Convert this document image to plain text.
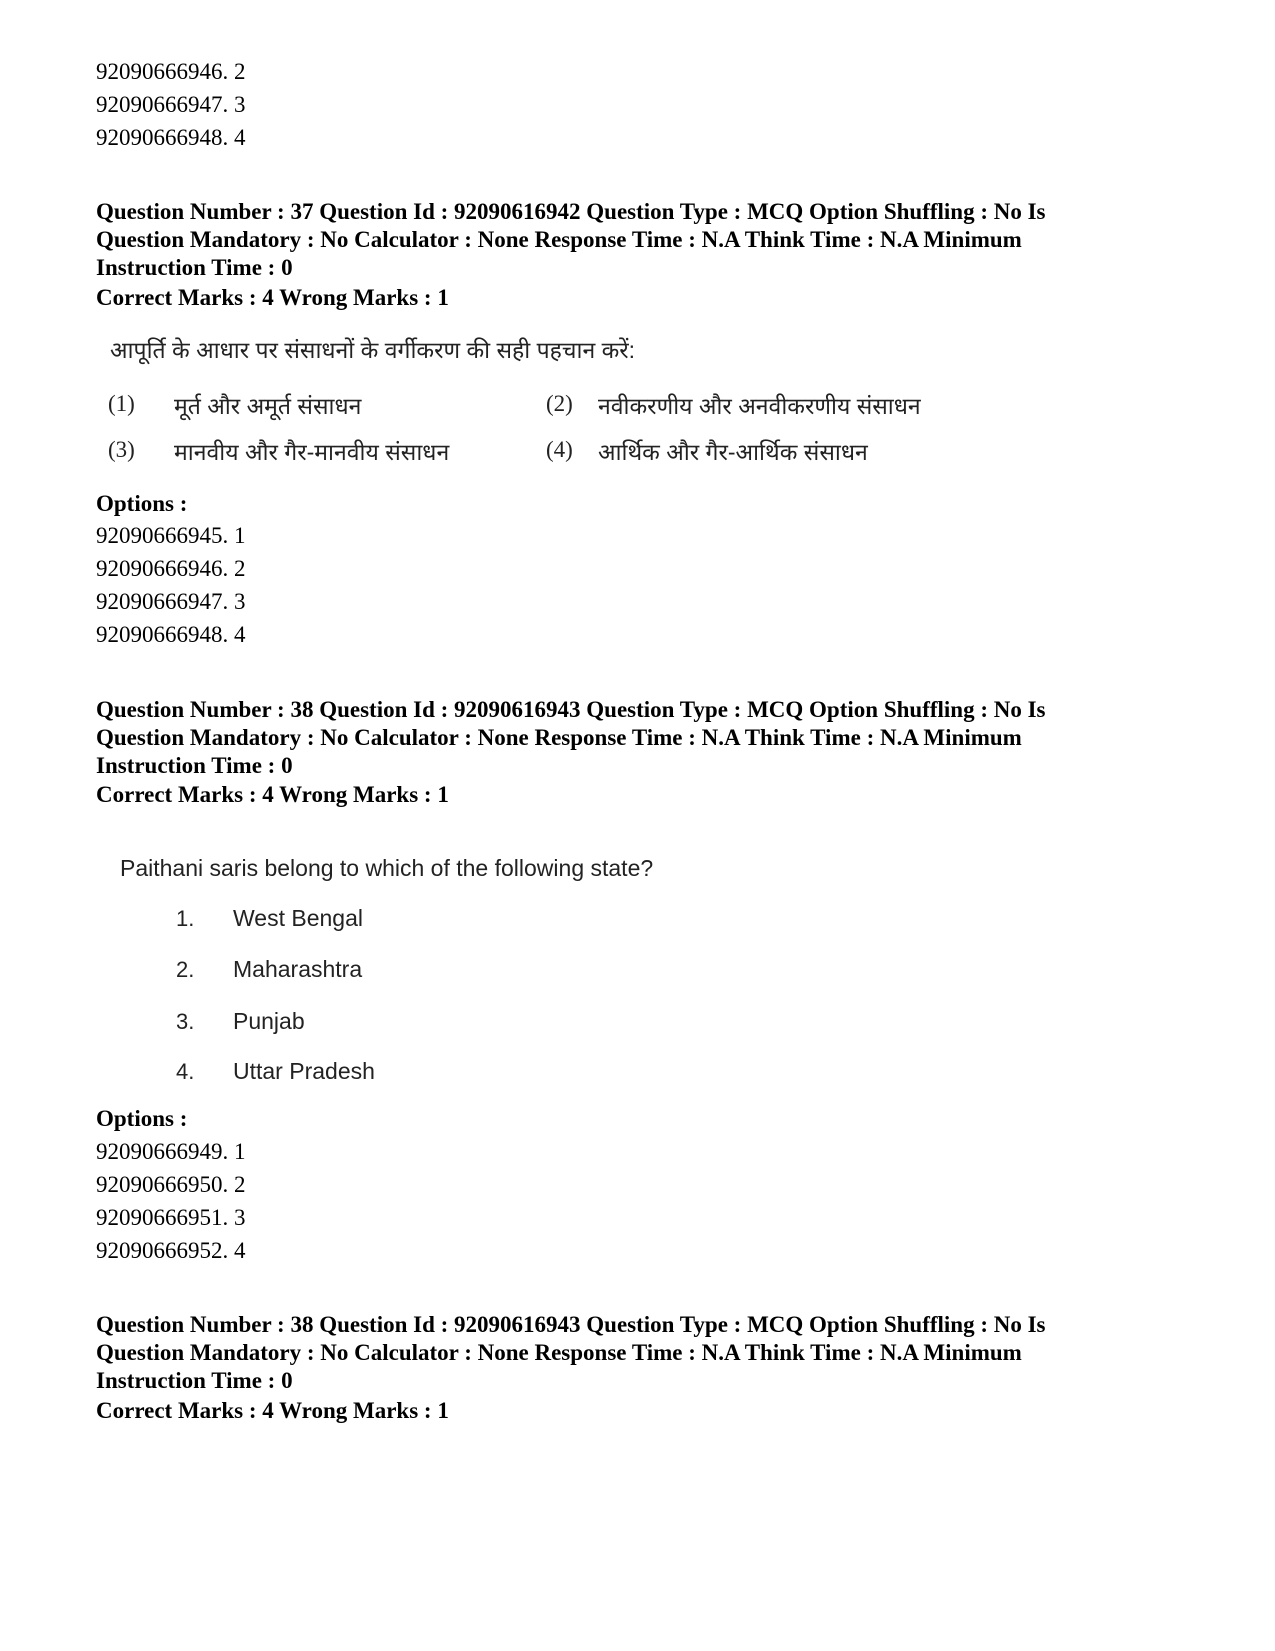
92090666946. 2
92090666947. 3
92090666948. 4
Question Number : 37 Question Id : 92090616942 Question Type : MCQ Option Shuffling : No Is
Question Mandatory : No Calculator : None Response Time : N.A Think Time : N.A Minimum
Instruction Time : 0
Correct Marks : 4 Wrong Marks : 1
आपूर्ति के आधार पर संसाधनों के वर्गीकरण की सही पहचान करें:
(1) मूर्त और अमूर्त संसाधन	(2) नवीकरणीय और अनवीकरणीय संसाधन
(3) मानवीय और गैर-मानवीय संसाधन	(4) आर्थिक और गैर-आर्थिक संसाधन
Options :
92090666945. 1
92090666946. 2
92090666947. 3
92090666948. 4
Question Number : 38 Question Id : 92090616943 Question Type : MCQ Option Shuffling : No Is
Question Mandatory : No Calculator : None Response Time : N.A Think Time : N.A Minimum
Instruction Time : 0
Correct Marks : 4 Wrong Marks : 1
Paithani saris belong to which of the following state?
1. West Bengal
2. Maharashtra
3. Punjab
4. Uttar Pradesh
Options :
92090666949. 1
92090666950. 2
92090666951. 3
92090666952. 4
Question Number : 38 Question Id : 92090616943 Question Type : MCQ Option Shuffling : No Is
Question Mandatory : No Calculator : None Response Time : N.A Think Time : N.A Minimum
Instruction Time : 0
Correct Marks : 4 Wrong Marks : 1
